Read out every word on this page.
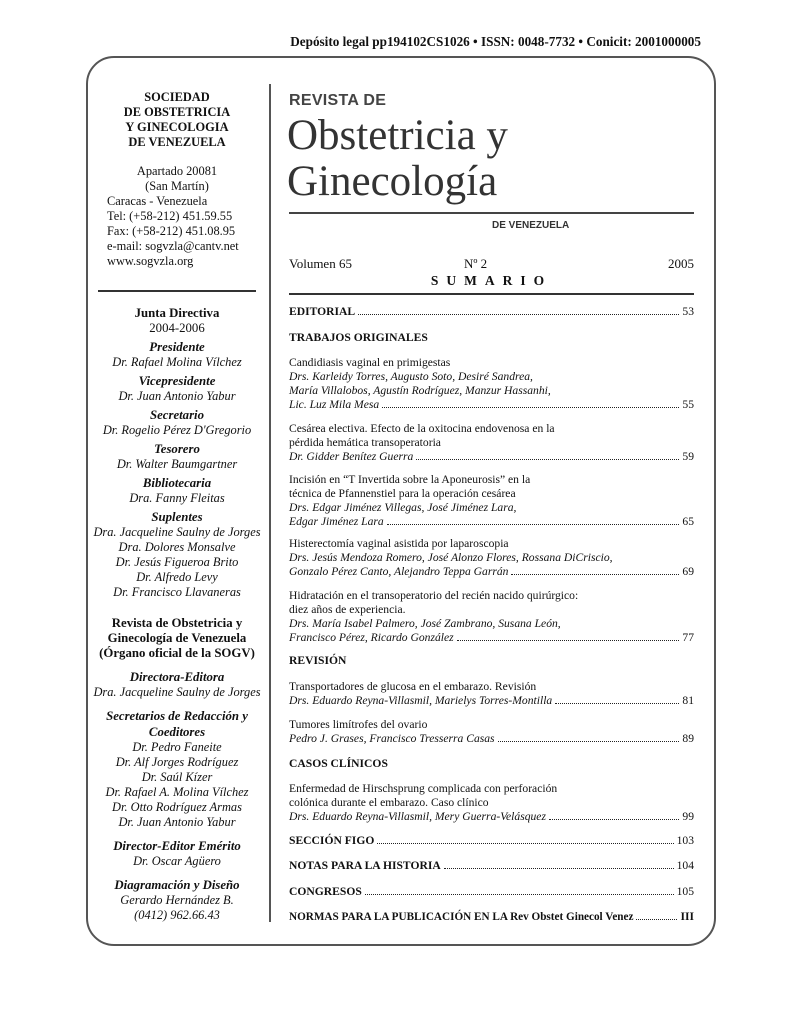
Depósito legal pp194102CS1026 • ISSN: 0048-7732 • Conicit: 2001000005
SOCIEDAD
DE OBSTETRICIA
Y GINECOLOGIA
DE VENEZUELA
Apartado 20081
(San Martín)
Caracas - Venezuela
Tel: (+58-212) 451.59.55
Fax: (+58-212) 451.08.95
e-mail: sogvzla@cantv.net
www.sogvzla.org
Junta Directiva
2004-2006
Presidente
Dr. Rafael Molina Vílchez
Vicepresidente
Dr. Juan Antonio Yabur
Secretario
Dr. Rogelio Pérez D'Gregorio
Tesorero
Dr. Walter Baumgartner
Bibliotecaria
Dra. Fanny Fleitas
Suplentes
Dra. Jacqueline Saulny de Jorges
Dra. Dolores Monsalve
Dr. Jesús Figueroa Brito
Dr. Alfredo Levy
Dr. Francisco Llavaneras
Revista de Obstetricia y
Ginecología de Venezuela
(Órgano oficial de la SOGV)
Directora-Editora
Dra. Jacqueline Saulny de Jorges
Secretarios de Redacción y
Coeditores
Dr. Pedro Faneite
Dr. Alf Jorges Rodríguez
Dr. Saúl Kízer
Dr. Rafael A. Molina Vílchez
Dr. Otto Rodríguez Armas
Dr. Juan Antonio Yabur
Director-Editor Emérito
Dr. Oscar Agüero
Diagramación y Diseño
Gerardo Hernández B.
(0412) 962.66.43
REVISTA DE
Obstetricia y
Ginecología
DE VENEZUELA
Volumen 65	Nº 2	2005
SUMARIO
EDITORIAL	53
TRABAJOS ORIGINALES
Candidiasis vaginal en primigestas
Drs. Karleidy Torres, Augusto Soto, Desiré Sandrea,
María Villalobos, Agustín Rodríguez, Manzur Hassanhi,
Lic. Luz Mila Mesa	55
Cesárea electiva. Efecto de la oxitocina endovenosa en la
pérdida hemática transoperatoria
Dr. Gidder Benítez Guerra	59
Incisión en “T Invertida sobre la Aponeurosis” en la
técnica de Pfannenstiel para la operación cesárea
Drs. Edgar Jiménez Villegas, José Jiménez Lara,
Edgar Jiménez Lara	65
Histerectomía vaginal asistida por laparoscopia
Drs. Jesús Mendoza Romero, José Alonzo Flores, Rossana DiCriscio,
Gonzalo Pérez Canto, Alejandro Teppa Garrán	69
Hidratación en el transoperatorio del recién nacido quirúrgico:
diez años de experiencia.
Drs. María Isabel Palmero, José Zambrano, Susana León,
Francisco Pérez, Ricardo González	77
REVISIÓN
Transportadores de glucosa en el embarazo. Revisión
Drs. Eduardo Reyna-Villasmil, Marielys Torres-Montilla	81
Tumores limítrofes del ovario
Pedro J. Grases, Francisco Tresserra Casas	89
CASOS CLÍNICOS
Enfermedad de Hirschsprung complicada con perforación
colónica durante el embarazo. Caso clínico
Drs. Eduardo Reyna-Villasmil, Mery Guerra-Velásquez	99
SECCIÓN FIGO	103
NOTAS PARA LA HISTORIA	104
CONGRESOS	105
NORMAS PARA LA PUBLICACIÓN EN LA Rev Obstet Ginecol Venez	III
